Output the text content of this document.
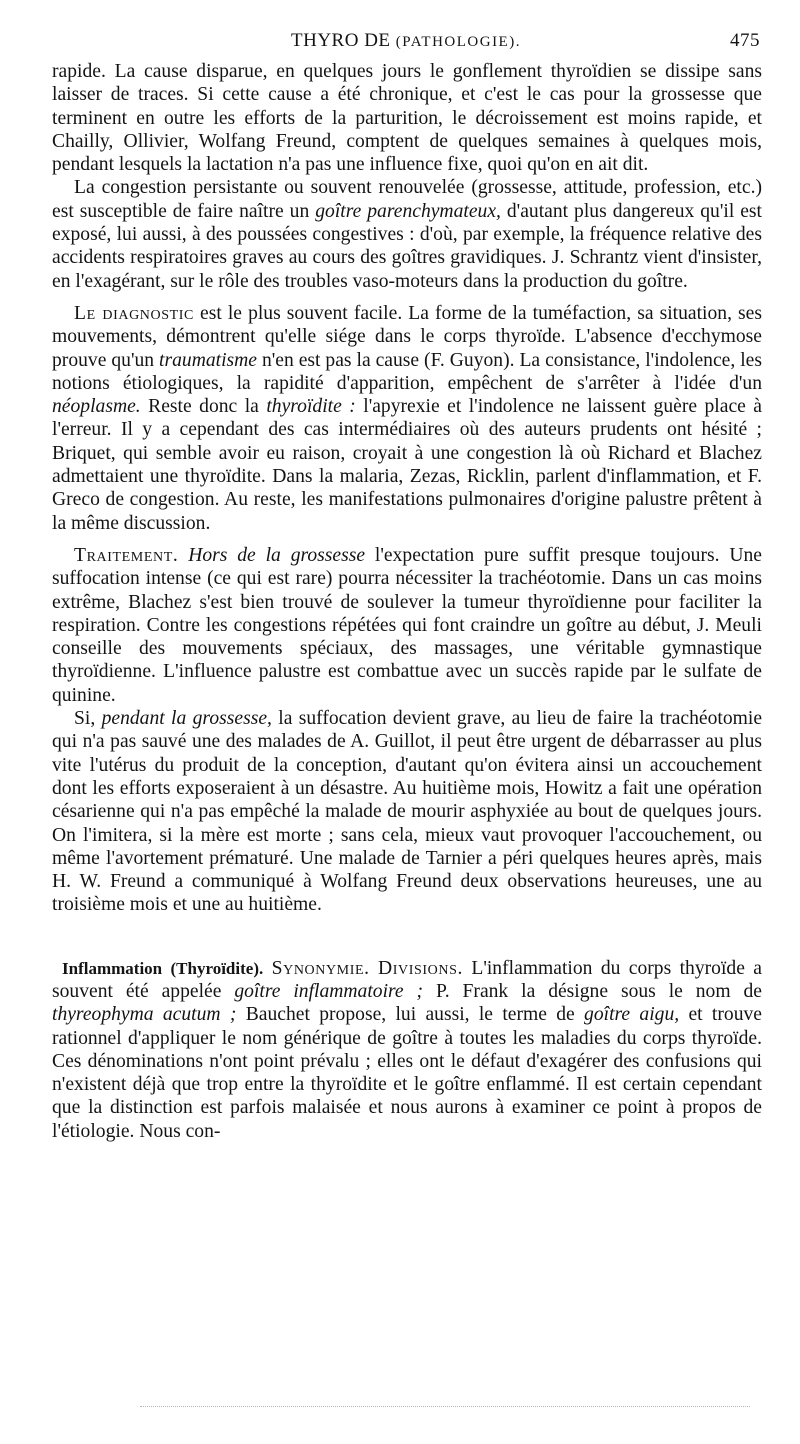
THYRO DE (PATHOLOGIE).	475

rapide. La cause disparue, en quelques jours le gonflement thyroïdien se dissipe sans laisser de traces. Si cette cause a été chronique, et c'est le cas pour la grossesse que terminent en outre les efforts de la parturition, le décroissement est moins rapide, et Chailly, Ollivier, Wolfang Freund, comptent de quelques semaines à quelques mois, pendant lesquels la lactation n'a pas une influence fixe, quoi qu'on en ait dit.

La congestion persistante ou souvent renouvelée (grossesse, attitude, profession, etc.) est susceptible de faire naître un goître parenchymateux, d'autant plus dangereux qu'il est exposé, lui aussi, à des poussées congestives : d'où, par exemple, la fréquence relative des accidents respiratoires graves au cours des goîtres gravidiques. J. Schrantz vient d'insister, en l'exagérant, sur le rôle des troubles vaso-moteurs dans la production du goître.

Le diagnostic est le plus souvent facile. La forme de la tuméfaction, sa situation, ses mouvements, démontrent qu'elle siége dans le corps thyroïde. L'absence d'ecchymose prouve qu'un traumatisme n'en est pas la cause (F. Guyon). La consistance, l'indolence, les notions étiologiques, la rapidité d'apparition, empêchent de s'arrêter à l'idée d'un néoplasme. Reste donc la thyroïdite : l'apyrexie et l'indolence ne laissent guère place à l'erreur. Il y a cependant des cas intermédiaires où des auteurs prudents ont hésité ; Briquet, qui semble avoir eu raison, croyait à une congestion là où Richard et Blachez admettaient une thyroïdite. Dans la malaria, Zezas, Ricklin, parlent d'inflammation, et F. Greco de congestion. Au reste, les manifestations pulmonaires d'origine palustre prêtent à la même discussion.

Traitement. Hors de la grossesse l'expectation pure suffit presque toujours. Une suffocation intense (ce qui est rare) pourra nécessiter la trachéotomie. Dans un cas moins extrême, Blachez s'est bien trouvé de soulever la tumeur thyroïdienne pour faciliter la respiration. Contre les congestions répétées qui font craindre un goître au début, J. Meuli conseille des mouvements spéciaux, des massages, une véritable gymnastique thyroïdienne. L'influence palustre est combattue avec un succès rapide par le sulfate de quinine.

Si, pendant la grossesse, la suffocation devient grave, au lieu de faire la trachéotomie qui n'a pas sauvé une des malades de A. Guillot, il peut être urgent de débarrasser au plus vite l'utérus du produit de la conception, d'autant qu'on évitera ainsi un accouchement dont les efforts exposeraient à un désastre. Au huitième mois, Howitz a fait une opération césarienne qui n'a pas empêché la malade de mourir asphyxiée au bout de quelques jours. On l'imitera, si la mère est morte ; sans cela, mieux vaut provoquer l'accouchement, ou même l'avortement prématuré. Une malade de Tarnier a péri quelques heures après, mais H. W. Freund a communiqué à Wolfang Freund deux observations heureuses, une au troisième mois et une au huitième.

Inflammation (Thyroïdite). Synonymie. Divisions. L'inflammation du corps thyroïde a souvent été appelée goître inflammatoire ; P. Frank la désigne sous le nom de thyreophyma acutum ; Bauchet propose, lui aussi, le terme de goître aigu, et trouve rationnel d'appliquer le nom générique de goître à toutes les maladies du corps thyroïde. Ces dénominations n'ont point prévalu ; elles ont le défaut d'exagérer des confusions qui n'existent déjà que trop entre la thyroïdite et le goître enflammé. Il est certain cependant que la distinction est parfois malaisée et nous aurons à examiner ce point à propos de l'étiologie. Nous con-
